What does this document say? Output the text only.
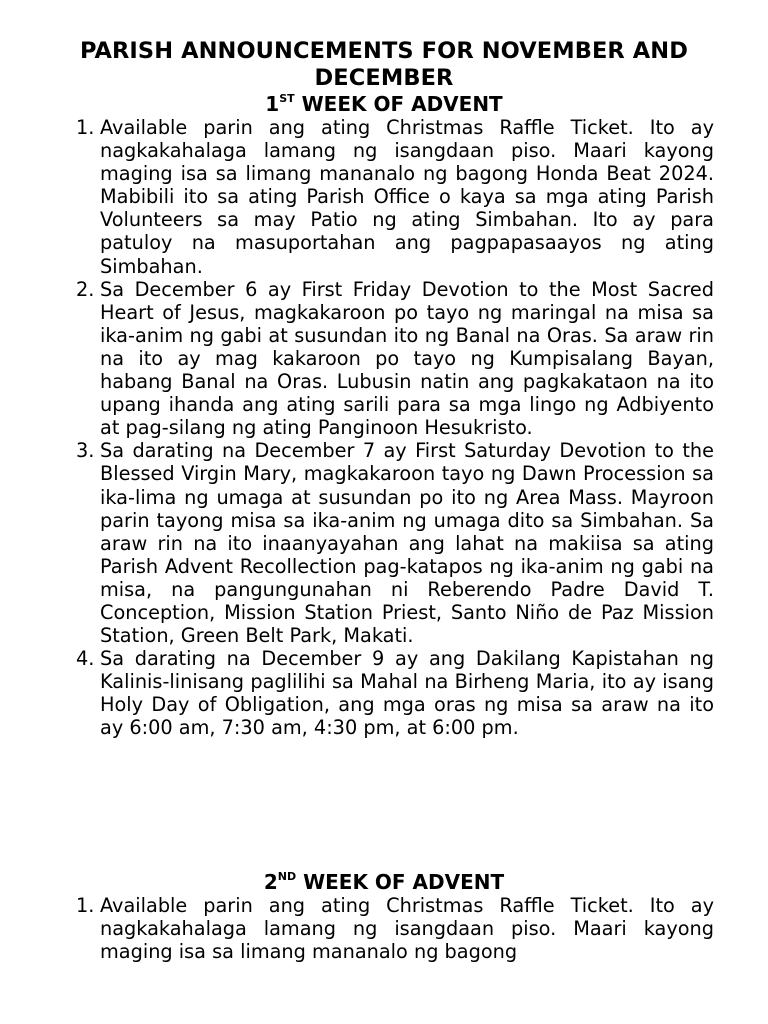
PARISH ANNOUNCEMENTS FOR NOVEMBER AND DECEMBER
1ST WEEK OF ADVENT
1. Available parin ang ating Christmas Raffle Ticket. Ito ay nagkakahalaga lamang ng isangdaan piso. Maari kayong maging isa sa limang mananalo ng bagong Honda Beat 2024. Mabibili ito sa ating Parish Office o kaya sa mga ating Parish Volunteers sa may Patio ng ating Simbahan. Ito ay para patuloy na masuportahan ang pagpapasaayos ng ating Simbahan.
2. Sa December 6 ay First Friday Devotion to the Most Sacred Heart of Jesus, magkakaroon po tayo ng maringal na misa sa ika-anim ng gabi at susundan ito ng Banal na Oras. Sa araw rin na ito ay mag kakaroon po tayo ng Kumpisalang Bayan, habang Banal na Oras. Lubusin natin ang pagkakataon na ito upang ihanda ang ating sarili para sa mga lingo ng Adbiyento at pag-silang ng ating Panginoon Hesukristo.
3. Sa darating na December 7 ay First Saturday Devotion to the Blessed Virgin Mary, magkakaroon tayo ng Dawn Procession sa ika-lima ng umaga at susundan po ito ng Area Mass. Mayroon parin tayong misa sa ika-anim ng umaga dito sa Simbahan. Sa araw rin na ito inaanyayahan ang lahat na makiisa sa ating Parish Advent Recollection pag-katapos ng ika-anim ng gabi na misa, na pangungunahan ni Reberendo Padre David T. Conception, Mission Station Priest, Santo Niño de Paz Mission Station, Green Belt Park, Makati.
4. Sa darating na December 9 ay ang Dakilang Kapistahan ng Kalinis-linisang paglilihi sa Mahal na Birheng Maria, ito ay isang Holy Day of Obligation, ang mga oras ng misa sa araw na ito ay 6:00 am, 7:30 am, 4:30 pm, at 6:00 pm.
2ND WEEK OF ADVENT
1. Available parin ang ating Christmas Raffle Ticket. Ito ay nagkakahalaga lamang ng isangdaan piso. Maari kayong maging isa sa limang mananalo ng bagong
